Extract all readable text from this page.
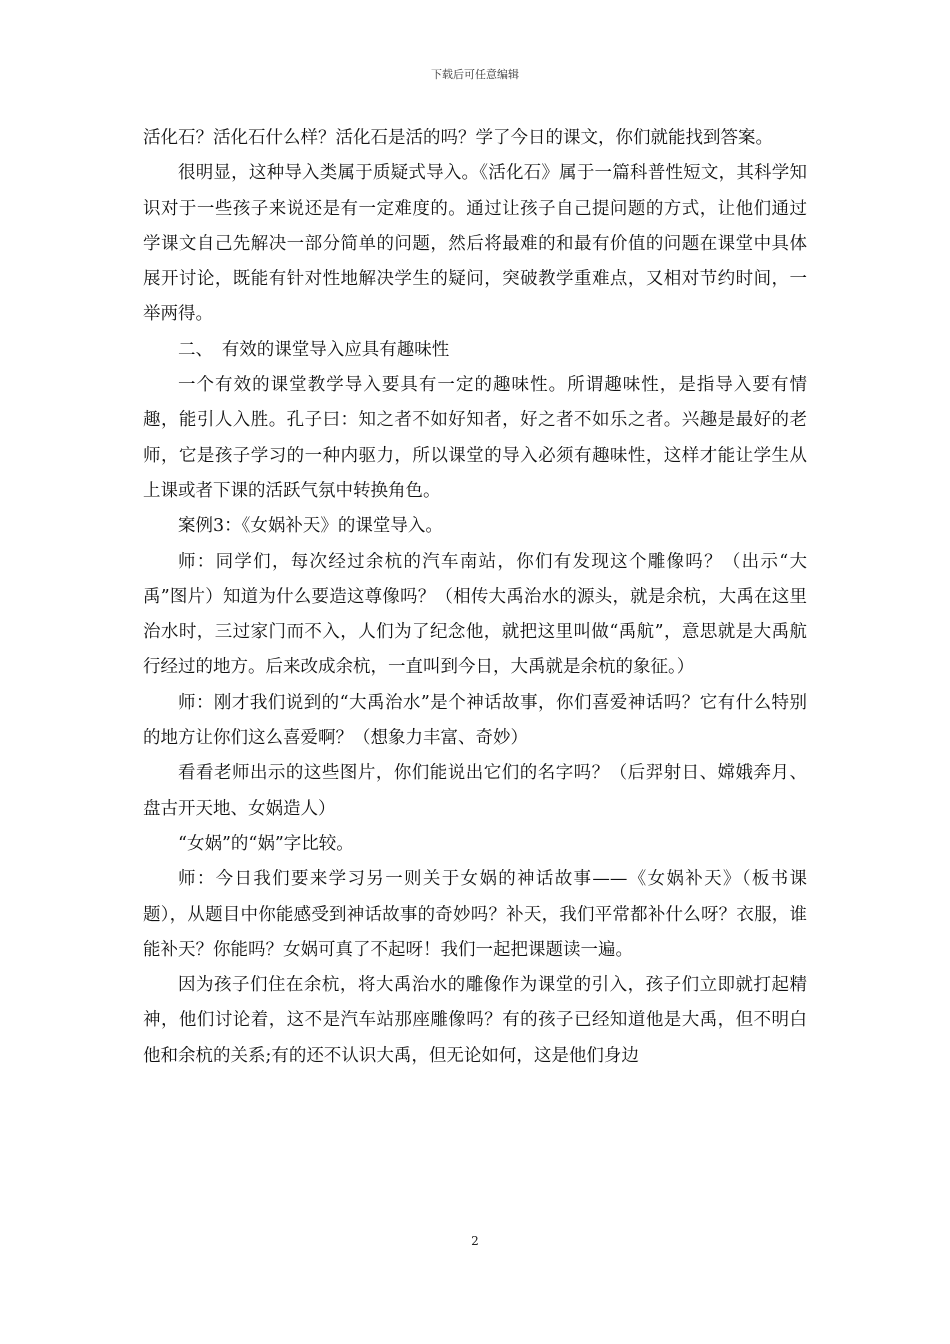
下载后可任意编辑

活化石？活化石什么样？活化石是活的吗？学了今日的课文，你们就能找到答案。

很明显，这种导入类属于质疑式导入。《活化石》属于一篇科普性短文，其科学知识对于一些孩子来说还是有一定难度的。通过让孩子自己提问题的方式，让他们通过学课文自己先解决一部分简单的问题，然后将最难的和最有价值的问题在课堂中具体展开讨论，既能有针对性地解决学生的疑问，突破教学重难点，又相对节约时间，一举两得。

二、　有效的课堂导入应具有趣味性

一个有效的课堂教学导入要具有一定的趣味性。所谓趣味性，是指导入要有情趣，能引人入胜。孔子曰：知之者不如好知者，好之者不如乐之者。兴趣是最好的老师，它是孩子学习的一种内驱力，所以课堂的导入必须有趣味性，这样才能让学生从上课或者下课的活跃气氛中转换角色。

案例3：《女娲补天》的课堂导入。

师：同学们，每次经过余杭的汽车南站，你们有发现这个雕像吗？（出示“大禹”图片）知道为什么要造这尊像吗？（相传大禹治水的源头，就是余杭，大禹在这里治水时，三过家门而不入，人们为了纪念他，就把这里叫做“禹航”，意思就是大禹航行经过的地方。后来改成余杭，一直叫到今日，大禹就是余杭的象征。）

师：刚才我们说到的“大禹治水”是个神话故事，你们喜爱神话吗？它有什么特别的地方让你们这么喜爱啊？（想象力丰富、奇妙）

看看老师出示的这些图片，你们能说出它们的名字吗？（后羿射日、嫦娥奔月、盘古开天地、女娲造人）

“女娲”的“娲”字比较。

师：今日我们要来学习另一则关于女娲的神话故事——《女娲补天》（板书课题），从题目中你能感受到神话故事的奇妙吗？补天，我们平常都补什么呀？衣服，谁能补天？你能吗？女娲可真了不起呀！我们一起把课题读一遍。

因为孩子们住在余杭，将大禹治水的雕像作为课堂的引入，孩子们立即就打起精神，他们讨论着，这不是汽车站那座雕像吗？有的孩子已经知道他是大禹，但不明白他和余杭的关系;有的还不认识大禹，但无论如何，这是他们身边

2
